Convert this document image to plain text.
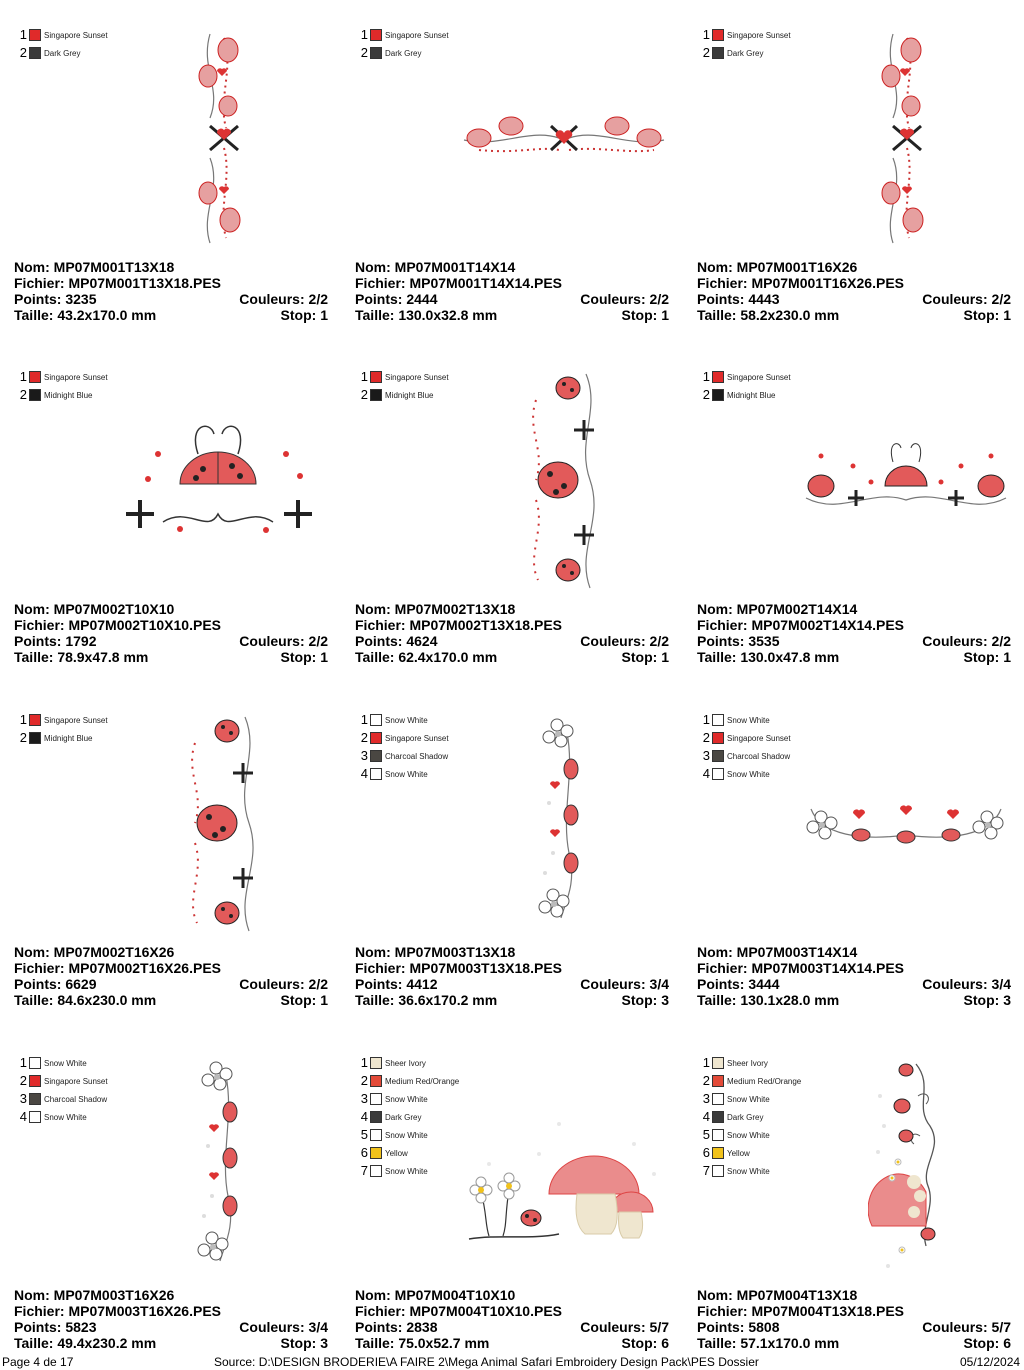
1 Singapore Sunset
2 Dark Grey
Nom: MP07M001T13X18
Fichier: MP07M001T13X18.PES
Points: 3235	Couleurs: 2/2
Taille: 43.2x170.0 mm	Stop: 1
1 Singapore Sunset
2 Dark Grey
Nom: MP07M001T14X14
Fichier: MP07M001T14X14.PES
Points: 2444	Couleurs: 2/2
Taille: 130.0x32.8 mm	Stop: 1
1 Singapore Sunset
2 Dark Grey
Nom: MP07M001T16X26
Fichier: MP07M001T16X26.PES
Points: 4443	Couleurs: 2/2
Taille: 58.2x230.0 mm	Stop: 1
1 Singapore Sunset
2 Midnight Blue
Nom: MP07M002T10X10
Fichier: MP07M002T10X10.PES
Points: 1792	Couleurs: 2/2
Taille: 78.9x47.8 mm	Stop: 1
1 Singapore Sunset
2 Midnight Blue
Nom: MP07M002T13X18
Fichier: MP07M002T13X18.PES
Points: 4624	Couleurs: 2/2
Taille: 62.4x170.0 mm	Stop: 1
1 Singapore Sunset
2 Midnight Blue
Nom: MP07M002T14X14
Fichier: MP07M002T14X14.PES
Points: 3535	Couleurs: 2/2
Taille: 130.0x47.8 mm	Stop: 1
1 Singapore Sunset
2 Midnight Blue
Nom: MP07M002T16X26
Fichier: MP07M002T16X26.PES
Points: 6629	Couleurs: 2/2
Taille: 84.6x230.0 mm	Stop: 1
1 Snow White
2 Singapore Sunset
3 Charcoal Shadow
4 Snow White
Nom: MP07M003T13X18
Fichier: MP07M003T13X18.PES
Points: 4412	Couleurs: 3/4
Taille: 36.6x170.2 mm	Stop: 3
1 Snow White
2 Singapore Sunset
3 Charcoal Shadow
4 Snow White
Nom: MP07M003T14X14
Fichier: MP07M003T14X14.PES
Points: 3444	Couleurs: 3/4
Taille: 130.1x28.0 mm	Stop: 3
1 Snow White
2 Singapore Sunset
3 Charcoal Shadow
4 Snow White
Nom: MP07M003T16X26
Fichier: MP07M003T16X26.PES
Points: 5823	Couleurs: 3/4
Taille: 49.4x230.2 mm	Stop: 3
1 Sheer Ivory
2 Medium Red/Orange
3 Snow White
4 Dark Grey
5 Snow White
6 Yellow
7 Snow White
Nom: MP07M004T10X10
Fichier: MP07M004T10X10.PES
Points: 2838	Couleurs: 5/7
Taille: 75.0x52.7 mm	Stop: 6
1 Sheer Ivory
2 Medium Red/Orange
3 Snow White
4 Dark Grey
5 Snow White
6 Yellow
7 Snow White
Nom: MP07M004T13X18
Fichier: MP07M004T13X18.PES
Points: 5808	Couleurs: 5/7
Taille: 57.1x170.0 mm	Stop: 6
Page 4 de 17	Source: D:\DESIGN BRODERIE\A FAIRE 2\Mega Animal Safari Embroidery Design Pack\PES Dossier	05/12/2024
